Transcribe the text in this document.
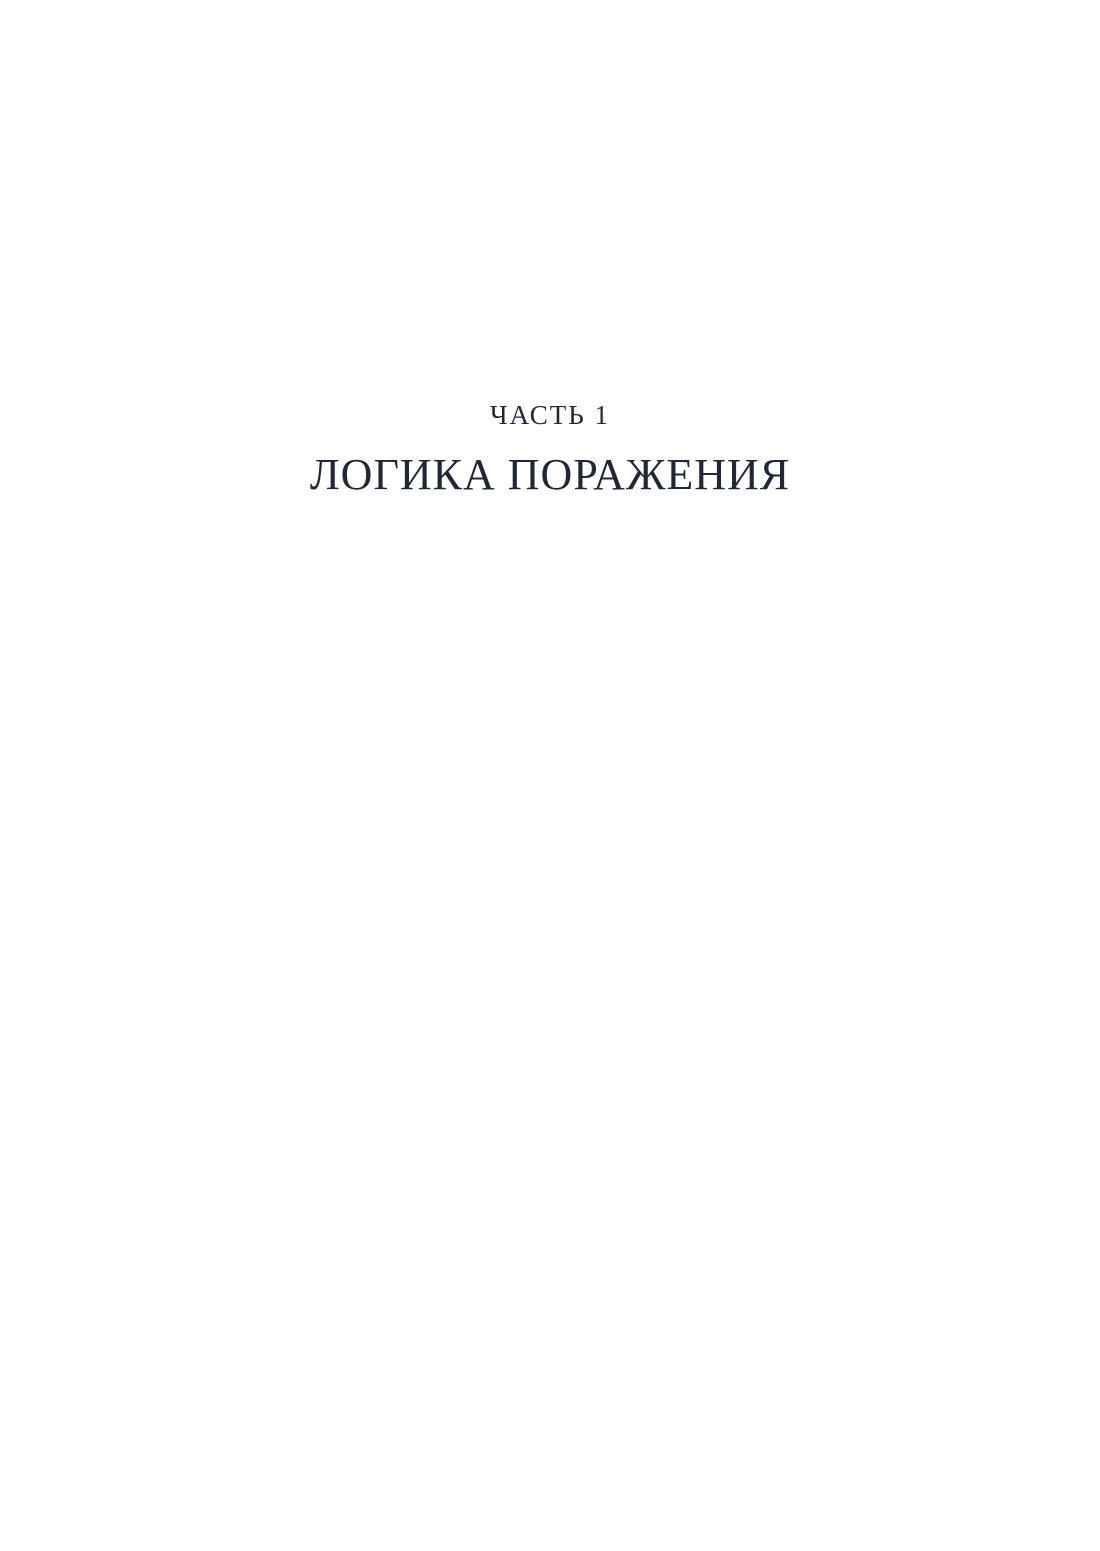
ЧАСТЬ 1
ЛОГИКА ПОРАЖЕНИЯ
